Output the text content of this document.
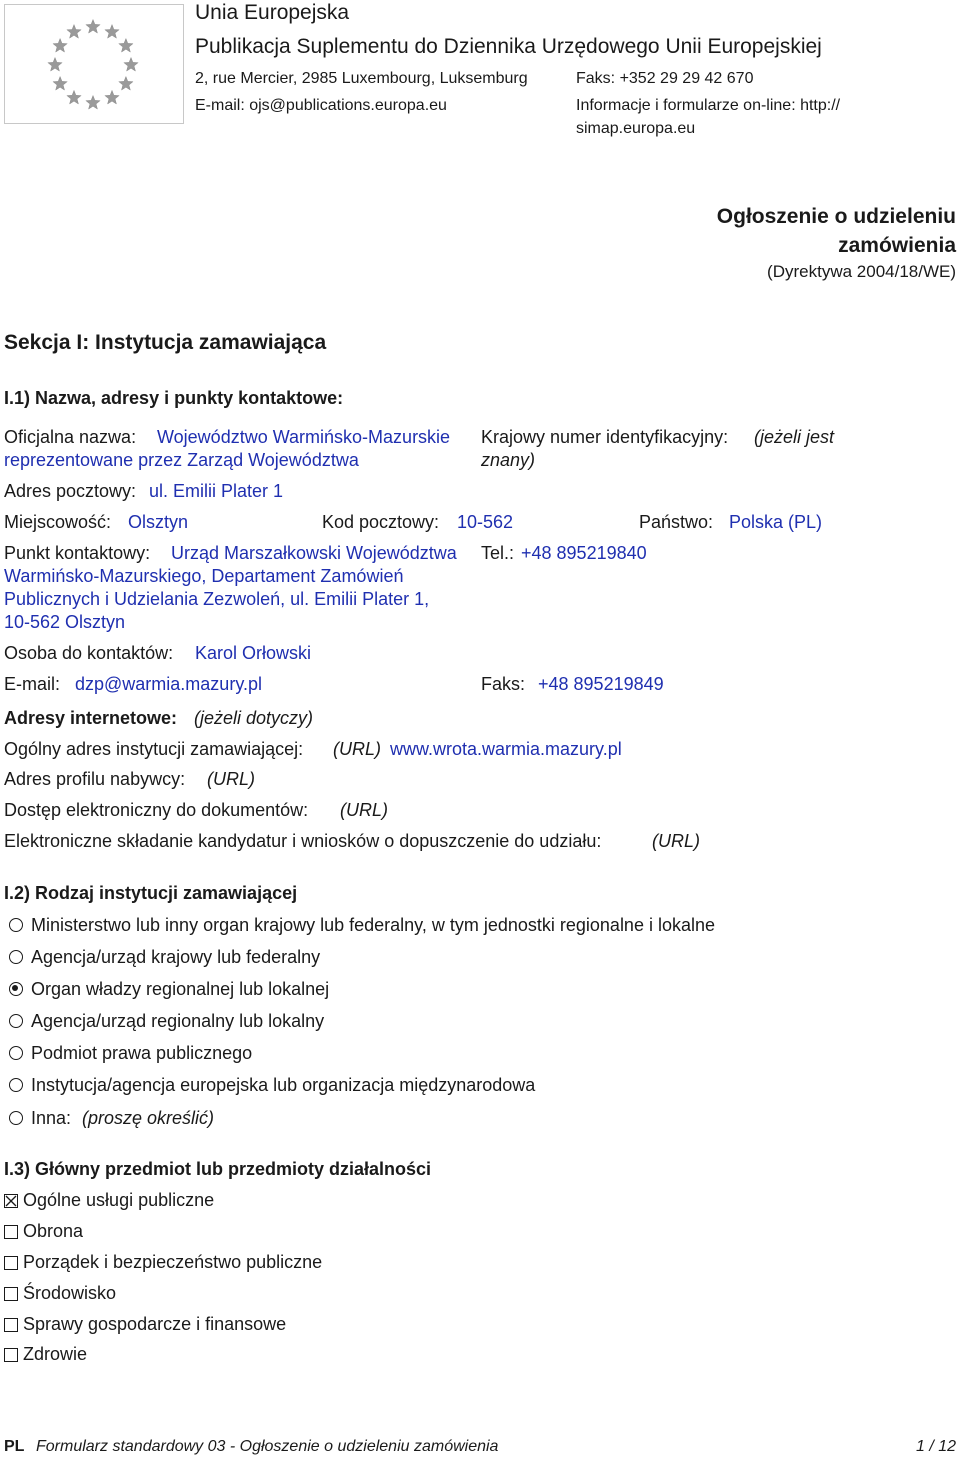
Unia Europejska
Publikacja Suplementu do Dziennika Urzędowego Unii Europejskiej
2, rue Mercier, 2985 Luxembourg, Luksemburg	Faks: +352 29 29 42 670
E-mail: ojs@publications.europa.eu	Informacje i formularze on-line: http://
simap.europa.eu
Ogłoszenie o udzieleniu
zamówienia
(Dyrektywa 2004/18/WE)
Sekcja I: Instytucja zamawiająca
I.1) Nazwa, adresy i punkty kontaktowe:
Oficjalna nazwa: Województwo Warmińsko-Mazurskie
reprezentowane przez Zarząd Województwa
Krajowy numer identyfikacyjny: (jeżeli jest
znany)
Adres pocztowy: ul. Emilii Plater 1
Miejscowość: Olsztyn	Kod pocztowy: 10-562	Państwo: Polska (PL)
Punkt kontaktowy: Urząd Marszałkowski Województwa
Warmińsko-Mazurskiego, Departament Zamówień
Publicznych i Udzielania Zezwoleń, ul. Emilii Plater 1,
10-562 Olsztyn
Tel.: +48 895219840
Osoba do kontaktów: Karol Orłowski
E-mail: dzp@warmia.mazury.pl	Faks: +48 895219849
Adresy internetowe: (jeżeli dotyczy)
Ogólny adres instytucji zamawiającej: (URL) www.wrota.warmia.mazury.pl
Adres profilu nabywcy: (URL)
Dostęp elektroniczny do dokumentów: (URL)
Elektroniczne składanie kandydatur i wniosków o dopuszczenie do udziału:	(URL)
I.2) Rodzaj instytucji zamawiającej
Ministerstwo lub inny organ krajowy lub federalny, w tym jednostki regionalne i lokalne
Agencja/urząd krajowy lub federalny
Organ władzy regionalnej lub lokalnej
Agencja/urząd regionalny lub lokalny
Podmiot prawa publicznego
Instytucja/agencja europejska lub organizacja międzynarodowa
Inna: (proszę określić)
I.3) Główny przedmiot lub przedmioty działalności
Ogólne usługi publiczne
Obrona
Porządek i bezpieczeństwo publiczne
Środowisko
Sprawy gospodarcze i finansowe
Zdrowie
PL Formularz standardowy 03 - Ogłoszenie o udzieleniu zamówienia	1 / 12
